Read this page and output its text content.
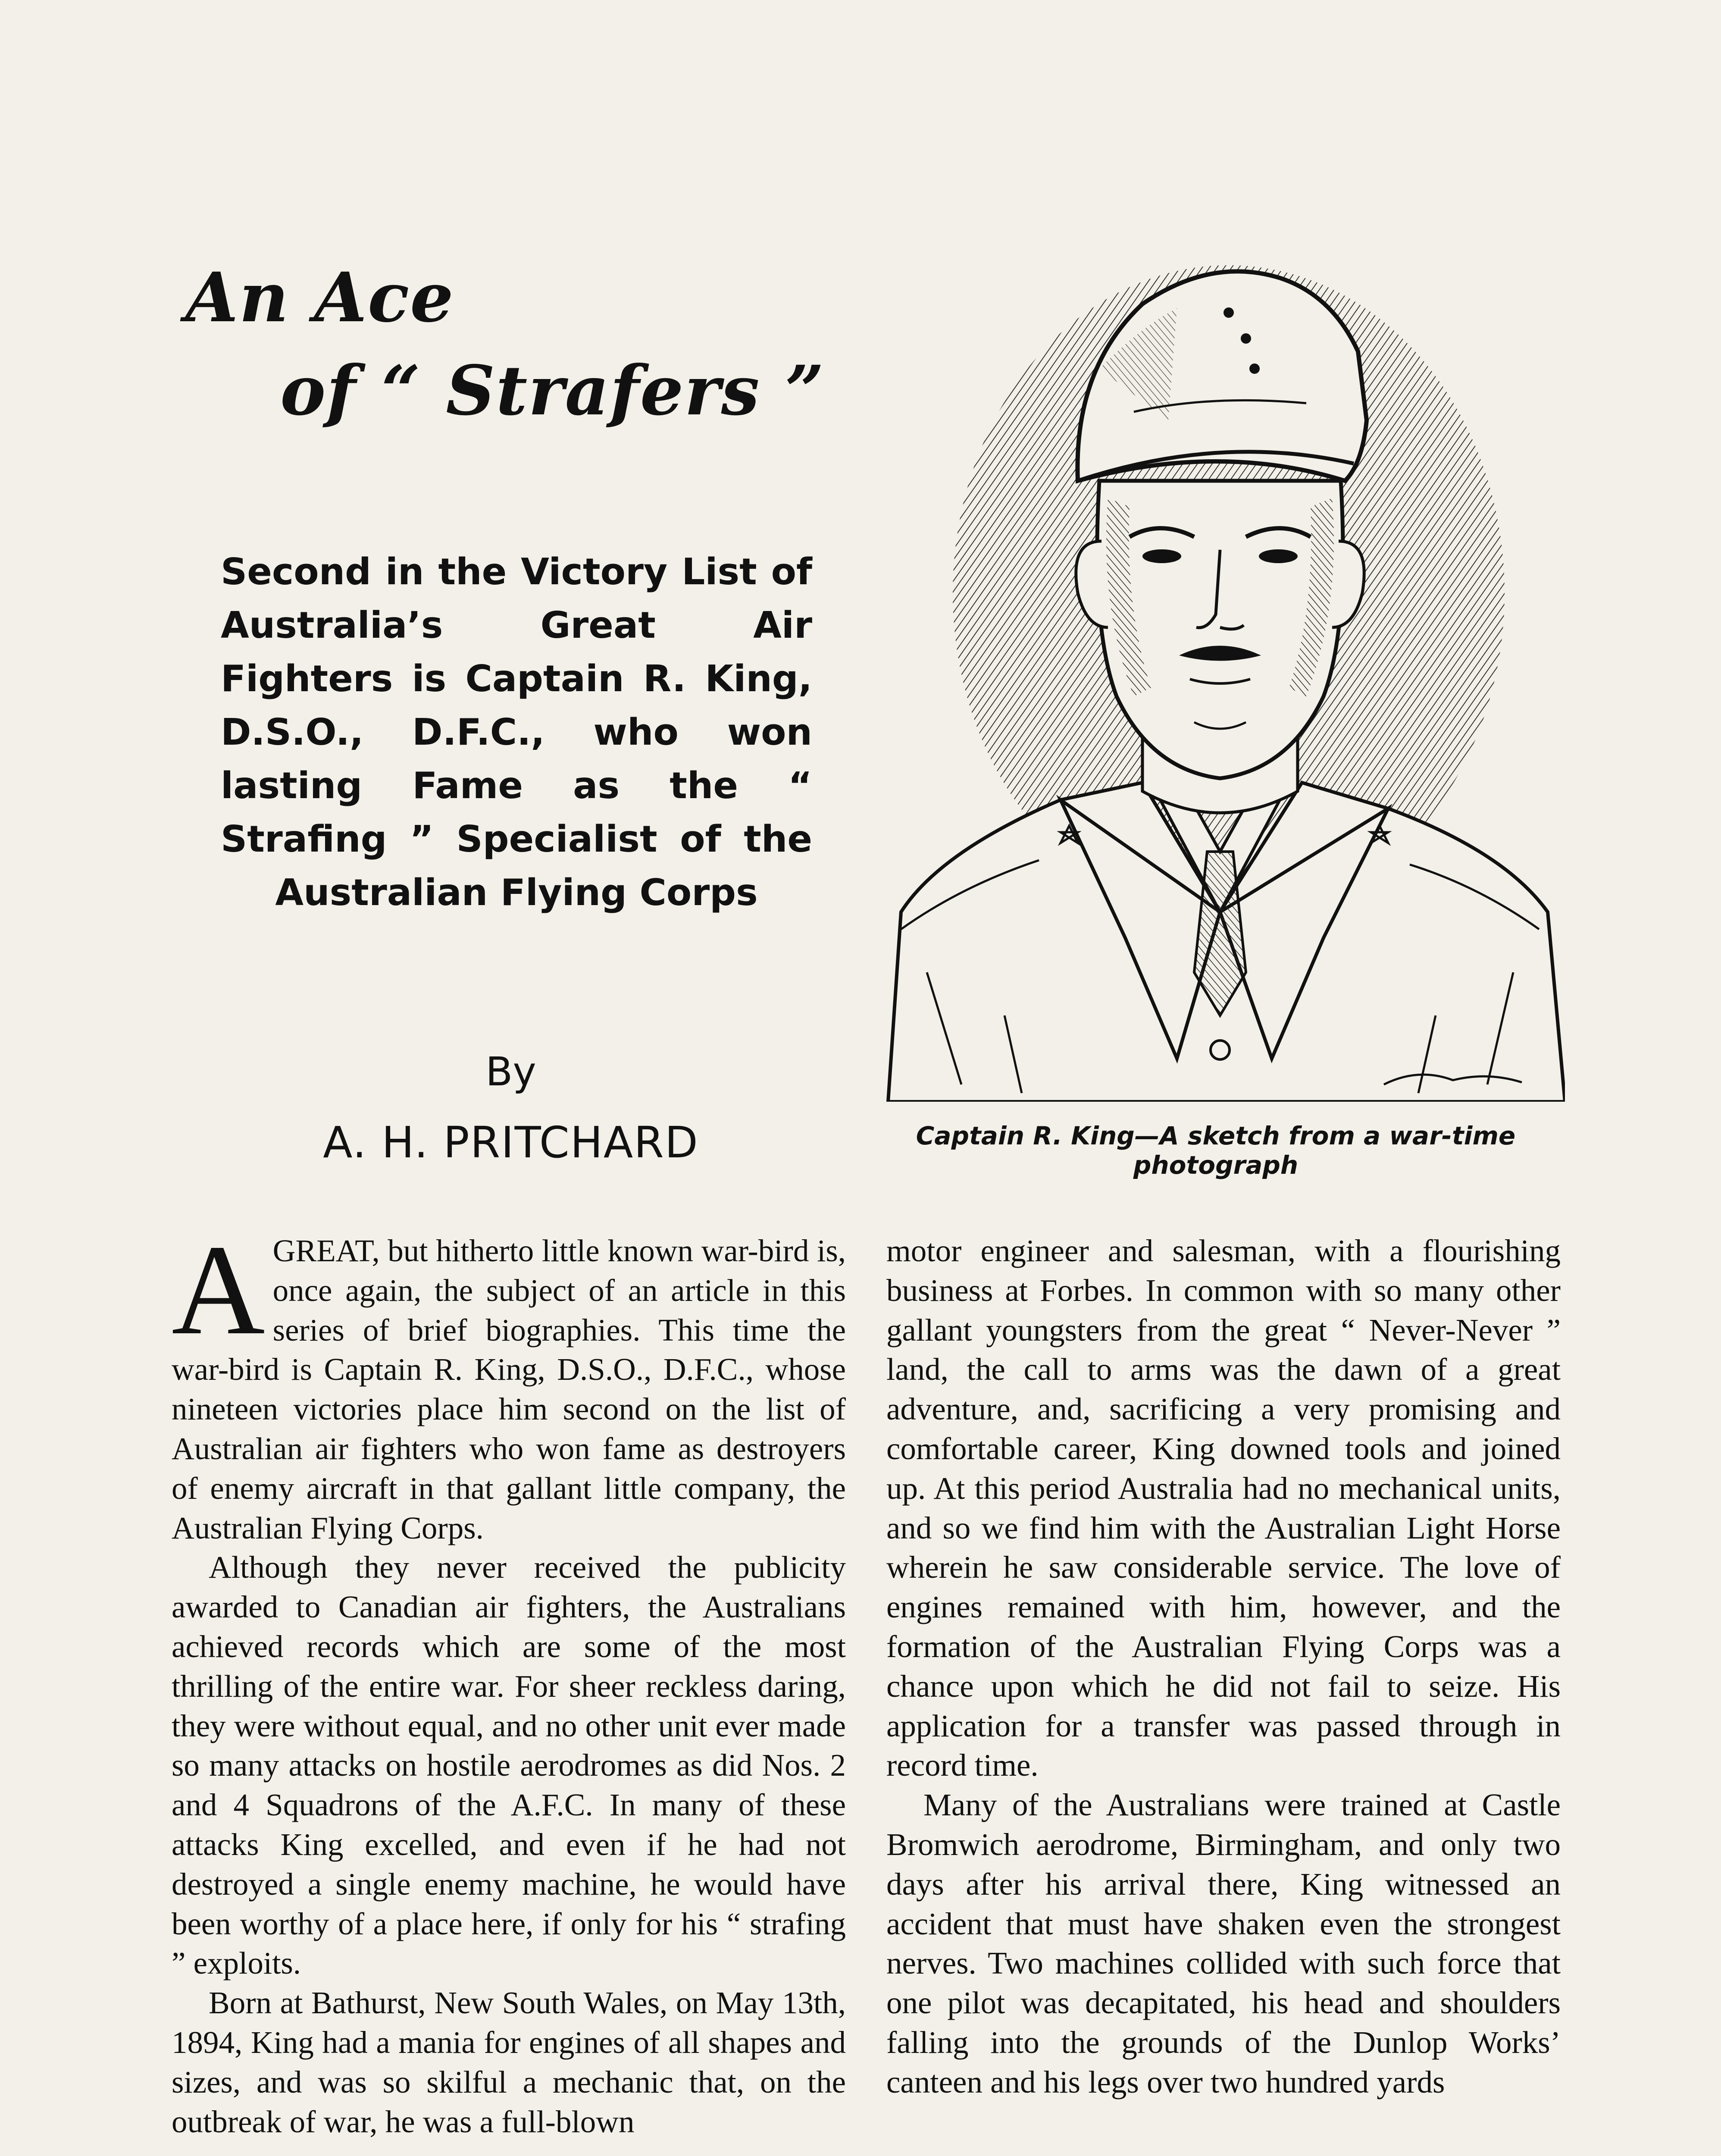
An Ace
of “ Strafers ”

Second in the Victory List of Australia’s Great Air Fighters is Captain R. King, D.S.O., D.F.C., who won lasting Fame as the “ Strafing ” Specialist of the Australian Flying Corps

By
A. H. PRITCHARD	Captain R. King—A sketch from a war-time photograph

AGREAT, but hitherto little known war-bird is, once again, the subject of an article in this series of brief biographies. This time the war-bird is Captain R. King, D.S.O., D.F.C., whose nineteen victories place him second on the list of Australian air fighters who won fame as destroyers of enemy aircraft in that gallant little company, the Australian Flying Corps.

Although they never received the publicity awarded to Canadian air fighters, the Australians achieved records which are some of the most thrilling of the entire war. For sheer reckless daring, they were without equal, and no other unit ever made so many attacks on hostile aerodromes as did Nos. 2 and 4 Squadrons of the A.F.C. In many of these attacks King excelled, and even if he had not destroyed a single enemy machine, he would have been worthy of a place here, if only for his “ strafing ” exploits.

Born at Bathurst, New South Wales, on May 13th, 1894, King had a mania for engines of all shapes and sizes, and was so skilful a mechanic that, on the outbreak of war, he was a full-blown

motor engineer and salesman, with a flourishing business at Forbes. In common with so many other gallant youngsters from the great “ Never-Never ” land, the call to arms was the dawn of a great adventure, and, sacrificing a very promising and comfortable career, King downed tools and joined up. At this period Australia had no mechanical units, and so we find him with the Australian Light Horse wherein he saw considerable service. The love of engines remained with him, however, and the formation of the Australian Flying Corps was a chance upon which he did not fail to seize. His application for a transfer was passed through in record time.

Many of the Australians were trained at Castle Bromwich aerodrome, Birmingham, and only two days after his arrival there, King witnessed an accident that must have shaken even the strongest nerves. Two machines collided with such force that one pilot was decapitated, his head and shoulders falling into the grounds of the Dunlop Works’ canteen and his legs over two hundred yards
